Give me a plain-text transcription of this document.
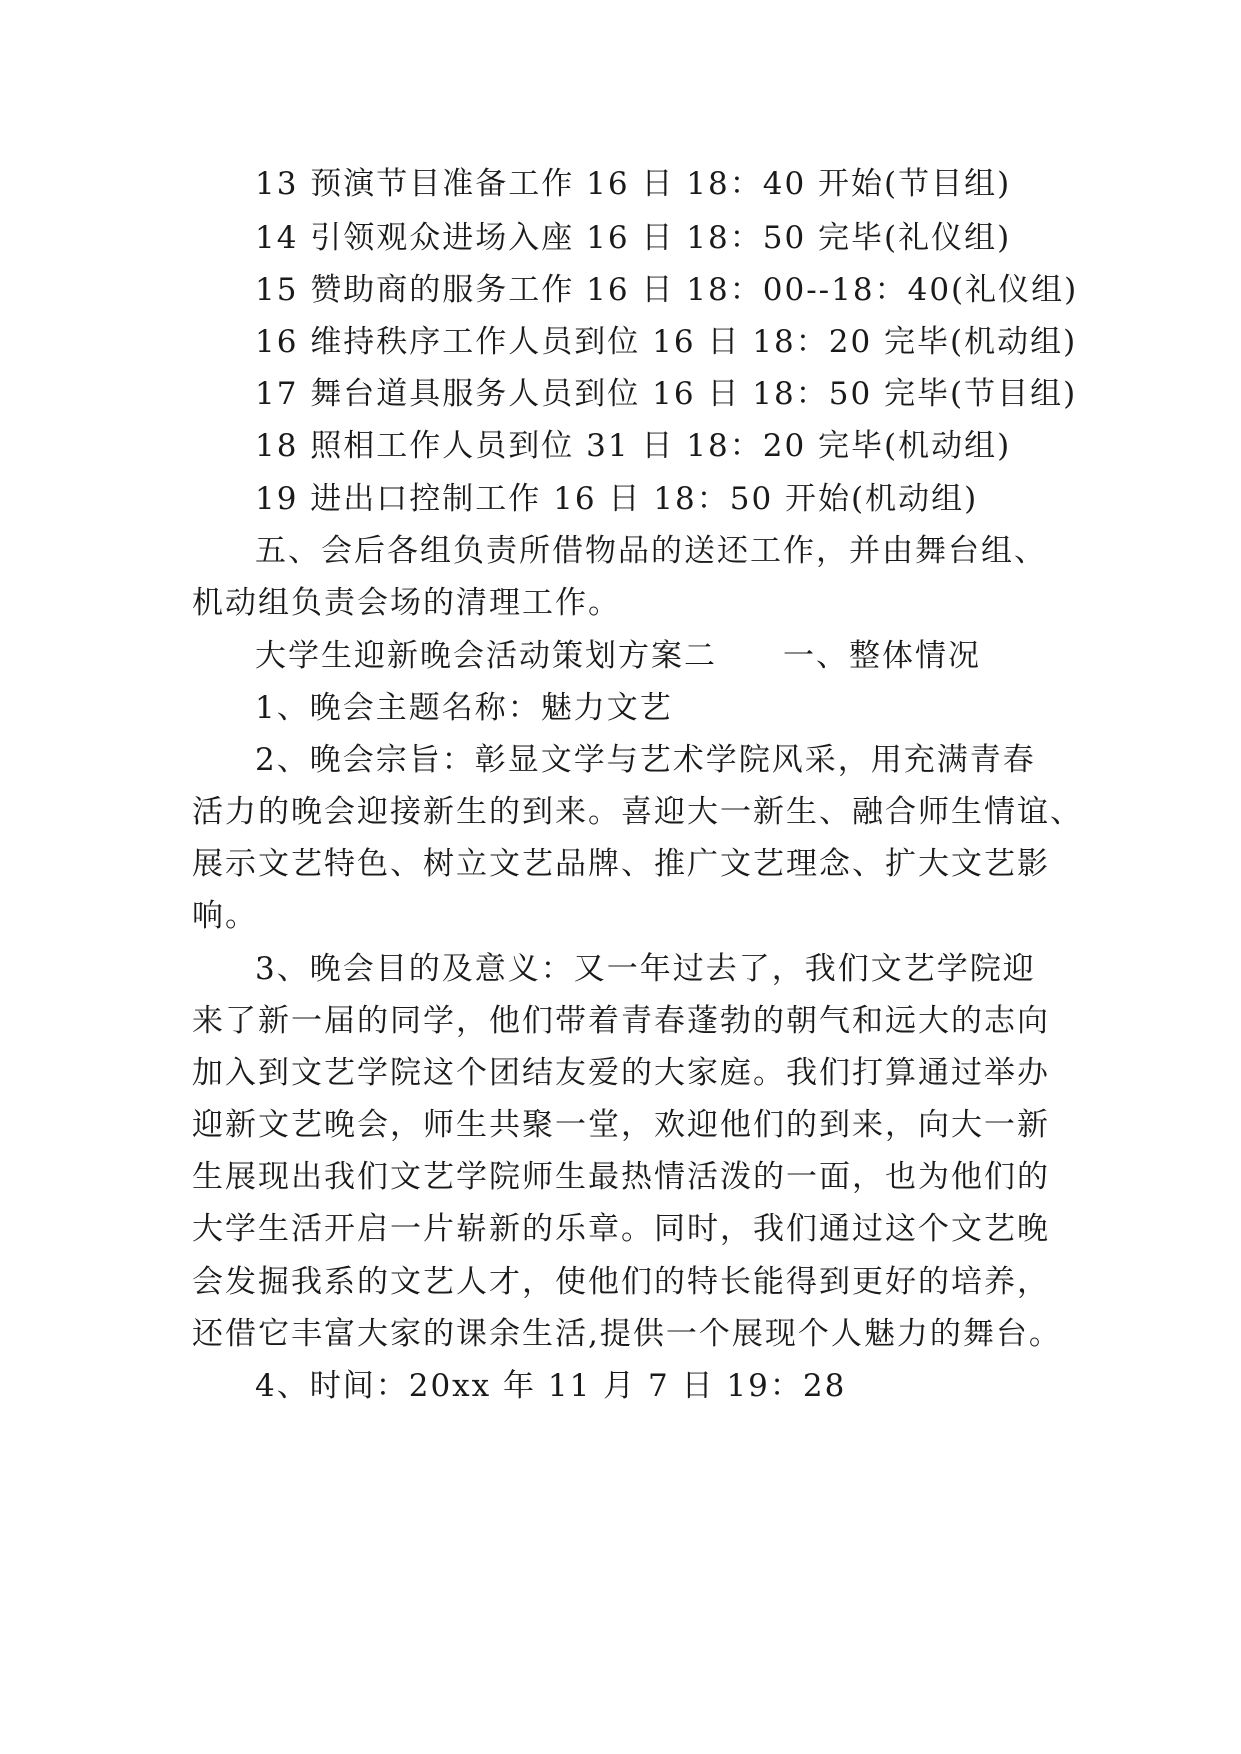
13 预演节目准备工作 16 日 18：40 开始(节目组)
14 引领观众进场入座 16 日 18：50 完毕(礼仪组)
15 赞助商的服务工作 16 日 18：00--18：40(礼仪组)
16 维持秩序工作人员到位 16 日 18：20 完毕(机动组)
17 舞台道具服务人员到位 16 日 18：50 完毕(节目组)
18 照相工作人员到位 31 日 18：20 完毕(机动组)
19 进出口控制工作 16 日 18：50 开始(机动组)
五、会后各组负责所借物品的送还工作，并由舞台组、
机动组负责会场的清理工作。
大学生迎新晚会活动策划方案二　　一、整体情况
1、晚会主题名称：魅力文艺
2、晚会宗旨：彰显文学与艺术学院风采，用充满青春
活力的晚会迎接新生的到来。喜迎大一新生、融合师生情谊、
展示文艺特色、树立文艺品牌、推广文艺理念、扩大文艺影
响。
3、晚会目的及意义：又一年过去了，我们文艺学院迎
来了新一届的同学，他们带着青春蓬勃的朝气和远大的志向
加入到文艺学院这个团结友爱的大家庭。我们打算通过举办
迎新文艺晚会，师生共聚一堂，欢迎他们的到来，向大一新
生展现出我们文艺学院师生最热情活泼的一面，也为他们的
大学生活开启一片崭新的乐章。同时，我们通过这个文艺晚
会发掘我系的文艺人才，使他们的特长能得到更好的培养，
还借它丰富大家的课余生活,提供一个展现个人魅力的舞台。
4、时间：20xx 年 11 月 7 日 19：28
